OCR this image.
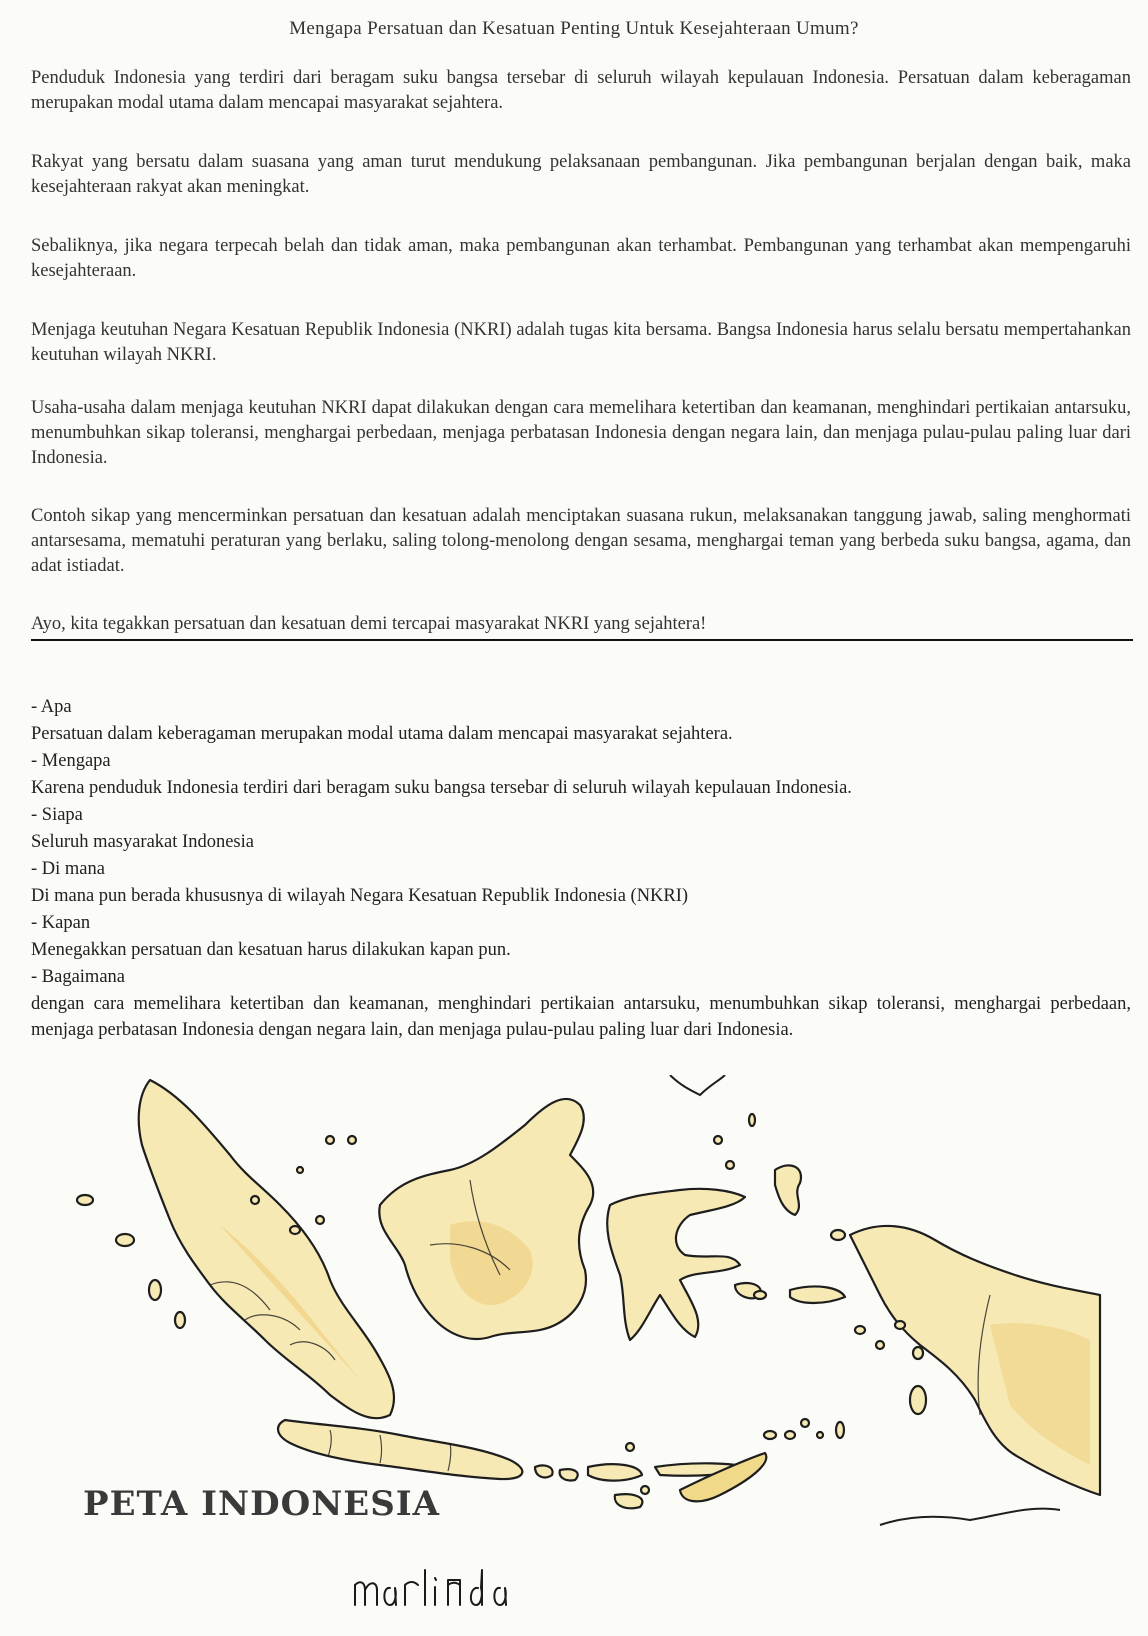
Mengapa Persatuan dan Kesatuan Penting Untuk Kesejahteraan Umum?
Penduduk Indonesia yang terdiri dari beragam suku bangsa tersebar di seluruh wilayah kepulauan Indonesia. Persatuan dalam keberagaman merupakan modal utama dalam mencapai masyarakat sejahtera.
Rakyat yang bersatu dalam suasana yang aman turut mendukung pelaksanaan pembangunan. Jika pembangunan berjalan dengan baik, maka kesejahteraan rakyat akan meningkat.
Sebaliknya, jika negara terpecah belah dan tidak aman, maka pembangunan akan terhambat. Pembangunan yang terhambat akan mempengaruhi kesejahteraan.
Menjaga keutuhan Negara Kesatuan Republik Indonesia (NKRI) adalah tugas kita bersama. Bangsa Indonesia harus selalu bersatu mempertahankan keutuhan wilayah NKRI.
Usaha-usaha dalam menjaga keutuhan NKRI dapat dilakukan dengan cara memelihara ketertiban dan keamanan, menghindari pertikaian antarsuku, menumbuhkan sikap toleransi, menghargai perbedaan, menjaga perbatasan Indonesia dengan negara lain, dan menjaga pulau-pulau paling luar dari Indonesia.
Contoh sikap yang mencerminkan persatuan dan kesatuan adalah menciptakan suasana rukun, melaksanakan tanggung jawab, saling menghormati antarsesama, mematuhi peraturan yang berlaku, saling tolong-menolong dengan sesama, menghargai teman yang berbeda suku bangsa, agama, dan adat istiadat.
Ayo, kita tegakkan persatuan dan kesatuan demi tercapai masyarakat NKRI yang sejahtera!
- Apa
Persatuan dalam keberagaman merupakan modal utama dalam mencapai masyarakat sejahtera.
- Mengapa
Karena penduduk Indonesia terdiri dari beragam suku bangsa tersebar di seluruh wilayah kepulauan Indonesia.
- Siapa
Seluruh masyarakat Indonesia
- Di mana
Di mana pun berada khususnya di wilayah Negara Kesatuan Republik Indonesia (NKRI)
- Kapan
Menegakkan persatuan dan kesatuan harus dilakukan kapan pun.
- Bagaimana
dengan cara memelihara ketertiban dan keamanan, menghindari pertikaian antarsuku, menumbuhkan sikap toleransi, menghargai perbedaan, menjaga perbatasan Indonesia dengan negara lain, dan menjaga pulau-pulau paling luar dari Indonesia.
PETA INDONESIA
